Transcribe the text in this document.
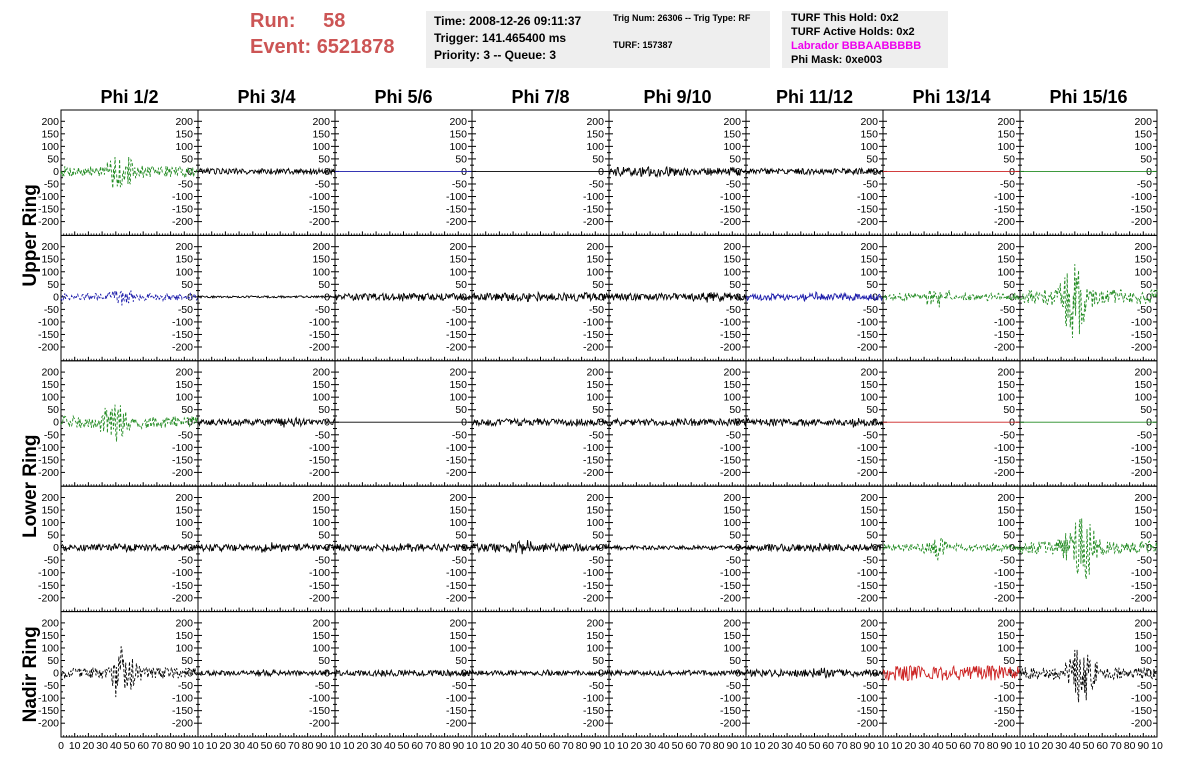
Run: 58
Event: 6521878
Time: 2008-12-26 09:11:37
Trigger: 141.465400 ms
Priority: 3 -- Queue: 3
Trig Num: 26306 -- Trig Type: RF
TURF: 157387
TURF This Hold: 0x2
TURF Active Holds: 0x2
Labrador BBBAABBBBB
Phi Mask: 0xe003
Phi 1/2	Phi 3/4	Phi 5/6	Phi 7/8	Phi 9/10	Phi 11/12	Phi 13/14	Phi 15/16
Upper Ring
Lower Ring
Nadir Ring
200	200
150	150
100	100
50	50
0	0
-50	-50
-100	-100
-150	-150
-200	-200
200
150
100
50
0
-50
-100
-150
-200
200
150
100
50
0
-50
-100
-150
-200
200
150
100
50
0
-50
-100
-150
-200
200
150
100
50
0
-50
-100
-150
-200
200
150
100
50
0
-50
-100
-150
-200
200
150
100
50
0
-50
-100
-150
-200
200
150
100
50
0
-50
-100
-150
-200
200	200
150	150
100	100
50	50
0	0
-50	-50
-100	-100
-150	-150
-200	-200
200
150
100
50
0
-50
-100
-150
-200
200
150
100
50
0
-50
-100
-150
-200
200
150
100
50
0
-50
-100
-150
-200
200
150
100
50
0
-50
-100
-150
-200
200
150
100
50
0
-50
-100
-150
-200
200
150
100
50
0
-50
-100
-150
-200
200
150
100
50
0
-50
-100
-150
-200
200	200
150	150
100	100
50	50
0	0
-50	-50
-100	-100
-150	-150
-200	-200
200
150
100
50
0
-50
-100
-150
-200
200
150
100
50
0
-50
-100
-150
-200
200
150
100
50
0
-50
-100
-150
-200
200
150
100
50
0
-50
-100
-150
-200
200
150
100
50
0
-50
-100
-150
-200
200
150
100
50
0
-50
-100
-150
-200
200
150
100
50
0
-50
-100
-150
-200
200	200
150	150
100	100
50	50
0	0
-50	-50
-100	-100
-150	-150
-200	-200
200
150
100
50
0
-50
-100
-150
-200
200
150
100
50
0
-50
-100
-150
-200
200
150
100
50
0
-50
-100
-150
-200
200
150
100
50
0
-50
-100
-150
-200
200
150
100
50
0
-50
-100
-150
-200
200
150
100
50
0
-50
-100
-150
-200
200
150
100
50
0
-50
-100
-150
-200
200	200
150	150
100	100
50	50
0	0
-50	-50
-100	-100
-150	-150
-200	-200
200
150
100
50
0
-50
-100
-150
-200
200
150
100
50
0
-50
-100
-150
-200
200
150
100
50
0
-50
-100
-150
-200
200
150
100
50
0
-50
-100
-150
-200
200
150
100
50
0
-50
-100
-150
-200
200
150
100
50
0
-50
-100
-150
-200
200
150
100
50
0
-50
-100
-150
-200
0 10 20 30 40 50 60 70 80 90 10 10 20 30 40 50 60 70 80 90 10 10 20 30 40 50 60 70 80 90 10 10 20 30 40 50 60 70 80 90 10 10 20 30 40 50 60 70 80 90 10 10 20 30 40 50 60 70 80 90 10 10 20 30 40 50 60 70 80 90 10 10 20 30 40 50 60 70 80 90 10
